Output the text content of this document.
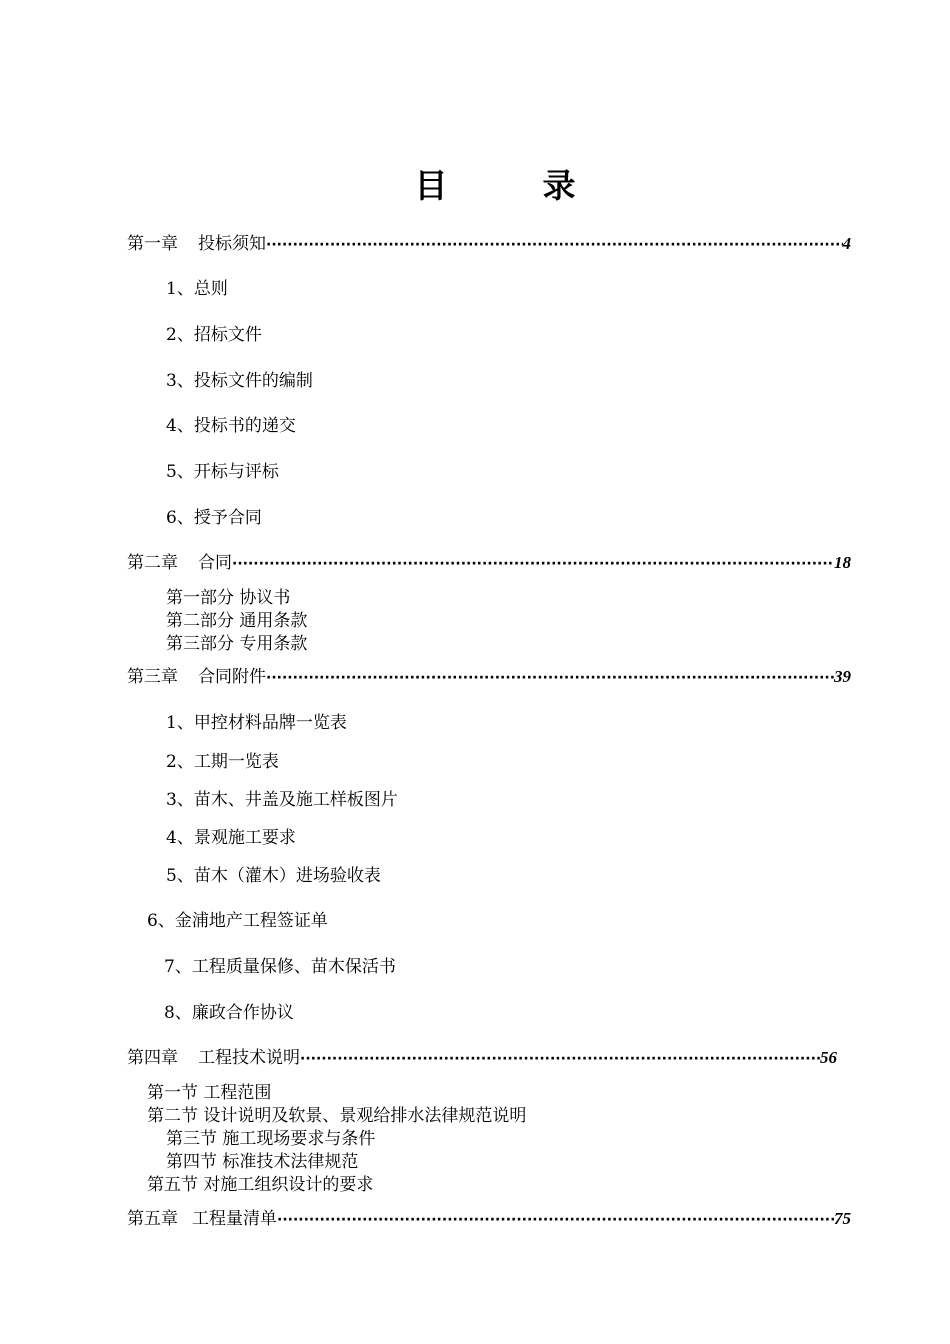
目	录
第一章 投标须知 ·····	4
1、总则
2、招标文件
3、投标文件的编制
4、投标书的递交
5、开标与评标
6、授予合同
第二章 合同 ·····	18
第一部分 协议书
第二部分 通用条款
第三部分 专用条款
第三章 合同附件 ·····	39
1、甲控材料品牌一览表
2、工期一览表
3、苗木、井盖及施工样板图片
4、景观施工要求
5、苗木（灌木）进场验收表
6、金浦地产工程签证单
7、工程质量保修、苗木保活书
8、廉政合作协议
第四章 工程技术说明 ·····	56
第一节 工程范围
第二节 设计说明及软景、景观给排水法律规范说明
第三节 施工现场要求与条件
第四节 标准技术法律规范
第五节 对施工组织设计的要求
第五章 工程量清单 ·····	75
